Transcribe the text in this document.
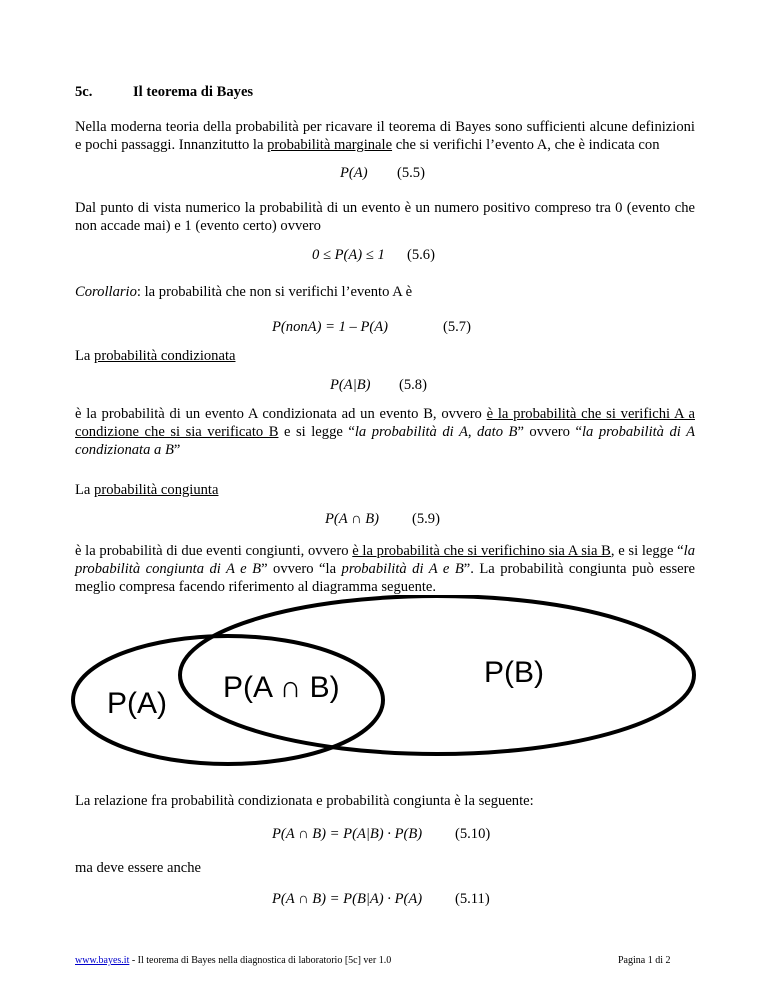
5c.	Il teorema di Bayes
Nella moderna teoria della probabilità per ricavare il teorema di Bayes sono sufficienti alcune definizioni e pochi passaggi. Innanzitutto la probabilità marginale che si verifichi l’evento A, che è indicata con
P(A) (5.5)
Dal punto di vista numerico la probabilità di un evento è un numero positivo compreso tra 0 (evento che non accade mai) e 1 (evento certo) ovvero
0 ≤ P(A) ≤ 1 (5.6)
Corollario: la probabilità che non si verifichi l’evento A è
P(nonA) = 1 – P(A)	(5.7)
La probabilità condizionata
P(A|B) (5.8)
è la probabilità di un evento A condizionata ad un evento B, ovvero è la probabilità che si verifichi A a condizione che si sia verificato B e si legge “la probabilità di A, dato B” ovvero “la probabilità di A condizionata a B”
La probabilità congiunta
P(A ∩ B) (5.9)
è la probabilità di due eventi congiunti, ovvero è la probabilità che si verifichino sia A sia B, e si legge “la probabilità congiunta di A e B” ovvero “la probabilità di A e B”. La probabilità congiunta può essere meglio compresa facendo riferimento al diagramma seguente.
P(A) P(A ∩ B)	P(B)
La relazione fra probabilità condizionata e probabilità congiunta è la seguente:
P(A ∩ B) = P(A|B) · P(B) (5.10)
ma deve essere anche
P(A ∩ B) = P(B|A) · P(A) (5.11)
www.bayes.it - Il teorema di Bayes nella diagnostica di laboratorio [5c] ver 1.0	Pagina 1 di 2
